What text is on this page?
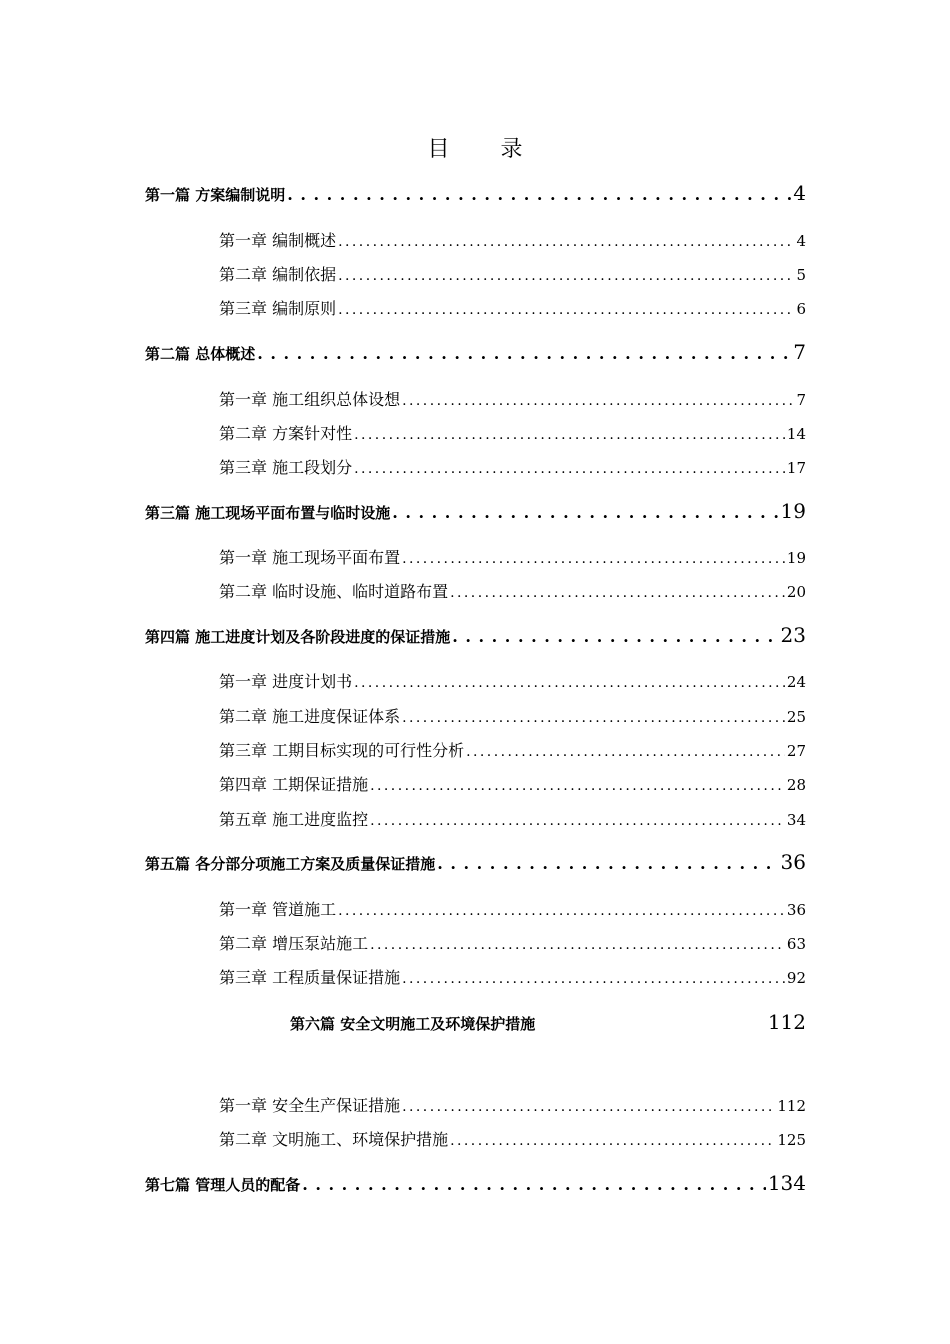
目 录
第一篇 方案编制说明 . . .	4
第一章 编制概述 . . .	4
第二章 编制依据 . . .	5
第三章 编制原则 . . .	6
第二篇 总体概述 . . .	7
第一章 施工组织总体设想 . . .	7
第二章 方案针对性 . . .	14
第三章 施工段划分 . . .	17
第三篇 施工现场平面布置与临时设施 . . .	19
第一章 施工现场平面布置 . . .	19
第二章 临时设施、临时道路布置 . . .	20
第四篇 施工进度计划及各阶段进度的保证措施 . . .	23
第一章 进度计划书 . . .	24
第二章 施工进度保证体系 . . .	25
第三章 工期目标实现的可行性分析 . . .	27
第四章 工期保证措施 . . .	28
第五章 施工进度监控 . . .	34
第五篇 各分部分项施工方案及质量保证措施 . . .	36
第一章 管道施工 . . .	36
第二章 增压泵站施工 . . .	63
第三章 工程质量保证措施 . . .	92
第六篇 安全文明施工及环境保护措施	112
第一章 安全生产保证措施 . . .	112
第二章 文明施工、环境保护措施 . . .	125
第七篇 管理人员的配备 . . .	134
